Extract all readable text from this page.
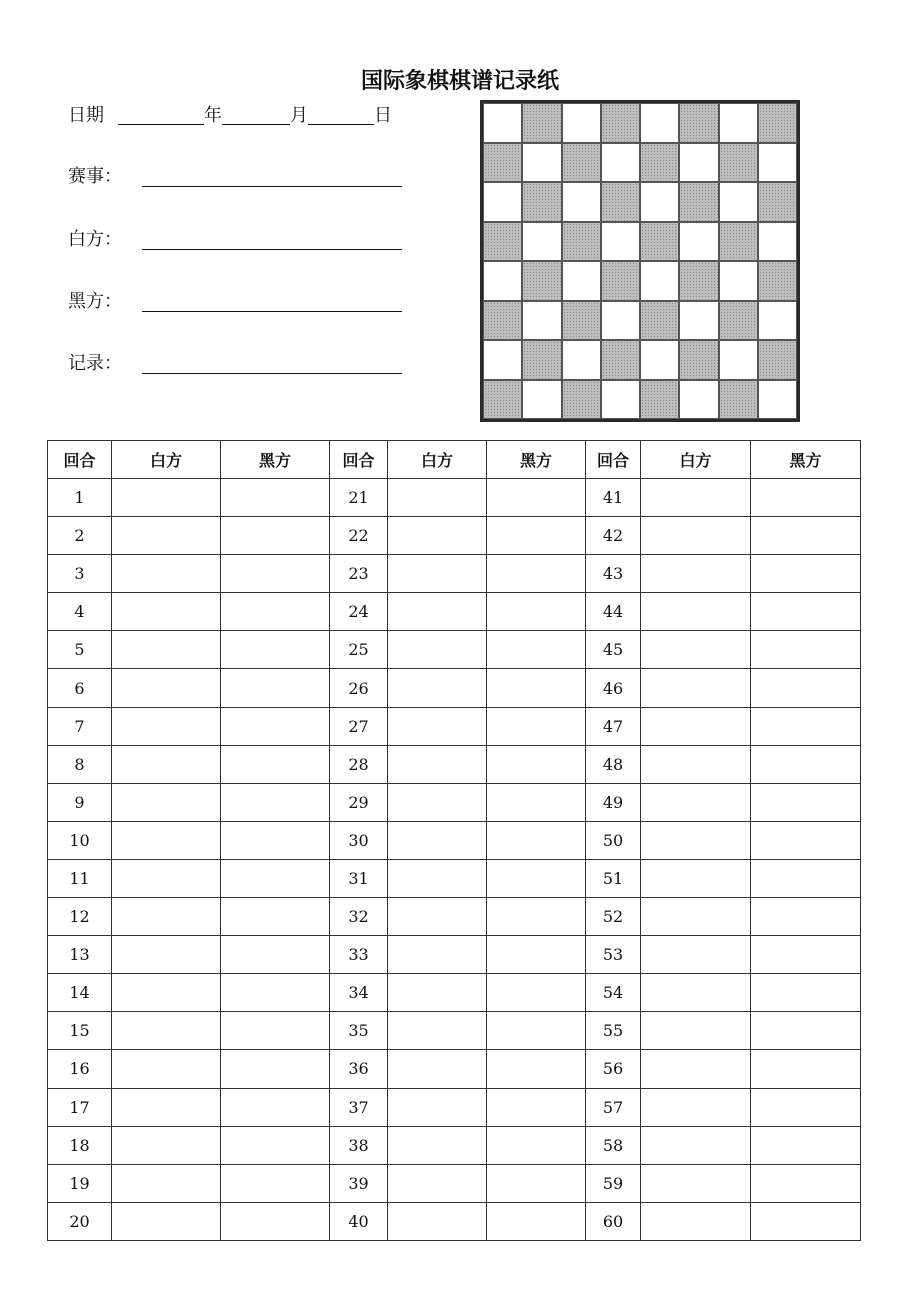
国际象棋棋谱记录纸
日期	年	月	日
赛事：
白方：
黑方：
记录：
回合	白方	黑方	回合	白方	黑方	回合	白方	黑方
1			21			41		
2			22			42		
3			23			43		
4			24			44		
5			25			45		
6			26			46		
7			27			47		
8			28			48		
9			29			49		
10			30			50		
11			31			51		
12			32			52		
13			33			53		
14			34			54		
15			35			55		
16			36			56		
17			37			57		
18			38			58		
19			39			59		
20			40			60		
